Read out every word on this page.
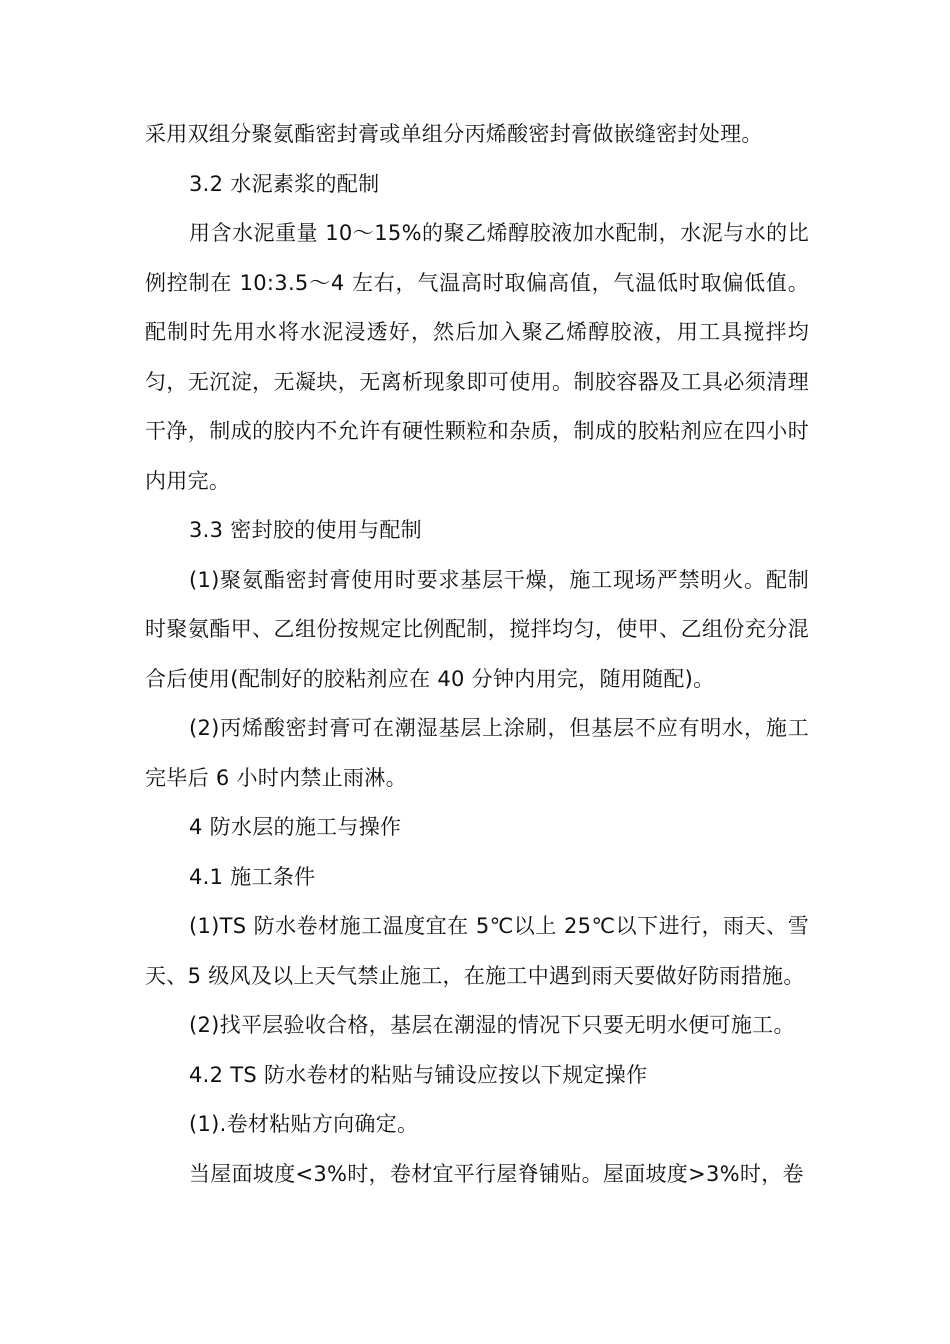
采用双组分聚氨酯密封膏或单组分丙烯酸密封膏做嵌缝密封处理。

3.2 水泥素浆的配制

用含水泥重量 10～15%的聚乙烯醇胶液加水配制，水泥与水的比例控制在 10:3.5～4 左右，气温高时取偏高值，气温低时取偏低值。配制时先用水将水泥浸透好，然后加入聚乙烯醇胶液，用工具搅拌均匀，无沉淀，无凝块，无离析现象即可使用。制胶容器及工具必须清理干净，制成的胶内不允许有硬性颗粒和杂质，制成的胶粘剂应在四小时内用完。

3.3 密封胶的使用与配制

(1)聚氨酯密封膏使用时要求基层干燥，施工现场严禁明火。配制时聚氨酯甲、乙组份按规定比例配制，搅拌均匀，使甲、乙组份充分混合后使用(配制好的胶粘剂应在 40 分钟内用完，随用随配)。

(2)丙烯酸密封膏可在潮湿基层上涂刷，但基层不应有明水，施工完毕后 6 小时内禁止雨淋。

4 防水层的施工与操作

4.1 施工条件

(1)TS 防水卷材施工温度宜在 5℃以上 25℃以下进行，雨天、雪天、5 级风及以上天气禁止施工，在施工中遇到雨天要做好防雨措施。

(2)找平层验收合格，基层在潮湿的情况下只要无明水便可施工。

4.2 TS 防水卷材的粘贴与铺设应按以下规定操作

(1).卷材粘贴方向确定。

当屋面坡度<3%时，卷材宜平行屋脊铺贴。屋面坡度>3%时，卷
